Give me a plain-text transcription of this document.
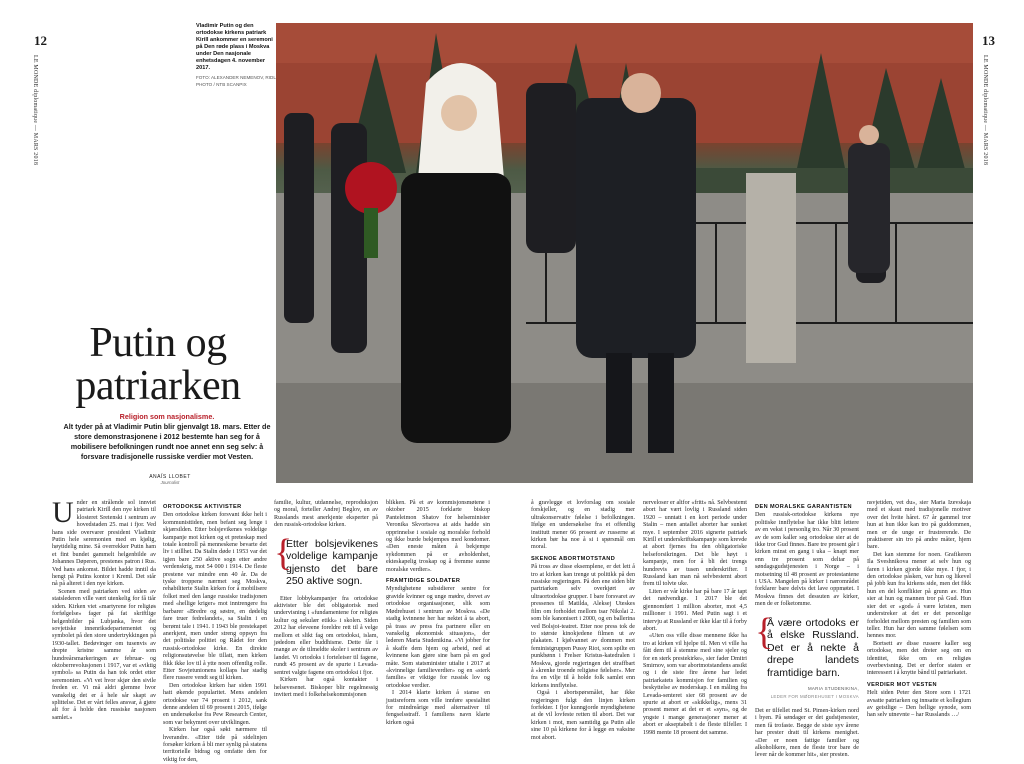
12	13
LE MONDE diplomatique — MARS 2018	LE MONDE diplomatique — MARS 2018
Vladimir Putin og den ortodokse kirkens patriark Kirill ankommer en seremoni på Den røde plass i Moskva under Den nasjonale enhetsdagen 4. november 2017.
FOTO: ALEXANDER NEMENOV, RIDL PHOTO / NTB SCANPIX
Putin og
patriarken
Religion som nasjonalisme.
Alt tyder på at Vladimir Putin blir gjenvalgt 18. mars. Etter de store demonstrasjonene i 2012 bestemte han seg for å mobilisere befolkningen rundt noe annet enn seg selv: å forsvare tradisjonelle russiske verdier mot Vesten.
ANAÏS LLOBET
Journalist

Under en strålende sol innviet patriark Kirill den nye kirken til klosteret Sretenski i sentrum av hovedstaden 25. mai i fjor. Ved hans side overvarer president Vladimir Putin hele seremonien med en kjølig, høytidelig mine. Så overrekker Putin ham et fint bundet gammelt helgenbilde av Johannes Døperen, prestenes patron i Rus. Ved hans ankomst. Bildet hadde inntil da hengt på Putins kontor i Kreml. Det står nå på alteret i den nye kirken.

Scenen med patriarken ved siden av statslederen ville vært utenkelig for få tiår siden. Kirken viet «martyrene for religiøs forfølgelse» fager på fat skriftlige helgenbilder på Lubjanka, hvor det sovjetiske innenriksdepartementet og symbolet på den store undertrykkingen på 1930-tallet. Bedøvinger om tusenvis av drepte kristne samme år som hundreårsmarkeringen av februar- og oktoberrevolusjonen i 1917, var et «viktig symbol» sa Putin da han tok ordet etter seremonien. «Vi vet hvor skjør den sivile freden er. Vi må aldri glemme hvor vanskelig det er å hele sår skapt av splittelse. Det er vårt felles ansvar, å gjøre alt for å holde den russiske nasjonen samlet.»

ORTODOKSE AKTIVISTER

Den ortodokse kirken forsvant ikke helt i kommunisttiden, men befant seg lenge i skjærsilden. Etter bolsjevikenes voldelige kampanje mot kirken og et preteskap med totale kontroll på menneskene bevarte det liv i stillhet. Da Stalin døde i 1953 var det igjen bare 250 aktive sogn etter andre verdenskrig, mot 54 000 i 1914. De fleste prestene var mindre enn 40 år. Da de tyske troppene nærmet seg Moskva, rehabiliterte Stalin kirken for å mobilisere folket med den lange russiske tradisjonen med «hellige kriger» mot inntrengere fra barbarer «Bredre og søstre, en dødelig fare truer fedrelandet», sa Stalin i en berømt tale i 1941. I 1943 ble prestekapet anerkjent, men under streng oppsyn fra det politiske politiet og Rådet for den russisk-ortodokse kirke. En direkte religionsutøvelse ble tillatt, men kirken fikk ikke lov til å ytte noen offentlig rolle. Etter Sovjetunionens kollaps har stadig flere russere vendt seg til kirken.

Den ortodokse kirken har siden 1991 hatt økende popularitet. Mens andelen ortodokse var 74 prosent i 2012, sank denne andelen til 69 prosent i 2015, ifølge en undersøkelse fra Pew Research Center, som var bekymret over utviklingen.

Kirken har også søkt nærmere til hverandre. «Etter tide på sidelinjen forsøker kirken å bli mer synlig på statens territorielle bidrag og omfatte den for viktig for den,

familie, kultur, utdannelse, reproduksjon og moral, forteller Andrej Beglov, en av Russlands mest anerkjente eksperter på den russisk-ortodokse kirken.

{
Etter bolsjevikenes voldelige kampanje gjensto det bare 250 aktive sogn.

Etter lobbykampanjer fra ortodokse aktivister ble det obligatorisk med undervisning i «fundamentene for religiøs kultur og sekulær etikk» i skolen. Siden 2012 har eleveene foreldre rett til å velge mellom et slikt fag om ortodoksi, islam, jødedom eller buddhisme. Dette får i mange av de tilmeldte skoler i sentrum av landet. Vi ortodoks i forteleiser til fagene, rundt 45 prosent av de spurte i Levada-sentret valgte fagene om ortodoksi i fjor.

Kirken har også kontakter i helsevesenet. Biskoper blir regelmessig invitert med i folkehelsekommisjonen

blikken. På et av kommisjonsmøtene i oktober 2015 forklarte biskop Panteleimon Shatov for helseminister Veronika Skvortsova at aids hadde sin opprinnelse i sosiale og moralske forhold og ikke burde bekjempes med kondomer. «Den eneste måten å bekjempe sykdommen på er avholdenhet, ekteskapelig troskap og å fremme sunne moralske verdier».

FRAMTIDIGE SOLDATER

Myndighetene subsidierer sentre for gravide kvinner og unge mødre, drevet av ortodokse organisasjoner, slik som Mødrehuset i sentrum av Moskva. «De stadig kvinnene her har nektet å ta abort, på trass av press fra partnere eller en vanskelig økonomisk situasjon», der lederen Maria Studenikina. «Vi jobber for å skaffe dem hjem og arbeid, ned at kvinnene kan gjøre sine barn på en god måte. Som statsminister uttalte i 2017 at «kvinnelige familieverdier» og en «sterk familie» er viktige for russisk lov og ortodokse verdier.

I 2014 klarte kirken å stanse en justisreform som ville innføre spesialitet for mindreårige med alternativer til fengselsstraff. I familiens navn klarte kirken også

å gravlegge et lovforslag om sosiale forskjeller, og en stadig mer ultrakonservativ følelse i befolkningen. Ifølge en undersøkelse fra et offentlig institutt mener 66 prosent av russerne at kirken bør ha noe å si i spørsmål om moral.

SKENOE ABORTMOTSTAND

På tross av disse eksemplene, er det lett å tro at kirken kan trenge ut politikk på den russiske regjeringen. På den ene siden blir partriarken selv overkjørt av ultraortodokse grupper. I bare forsvaret av pressenes til Matilda, Aleksej Uteskes film om forholdet mellom tsar Nikolai 2. som ble kanonisert i 2000, og en ballerina ved Bolsjoi-teatret. Etter noe press tok de to største kinokjedene filmen ut av plakaten. I kjølvannet av dommen mot feministgruppen Pussy Riot, som spilte en punkbønn i Frelser Kristus-katedralen i Moskva, gjorde regjeringen det straffbart å «krenke troende religiøse følelser». Mer fra en vilje til å holde folk samlet enn kirkens innflytelse.

Også i abortspørsmålet, har ikke regjeringen fulgt den linjen kirken forfekter. I fjor kunngjorde myndighetene at de vil lovfeste retten til abort. Det var kirken i mot, men samtidig ga Putin alle sine 10 på kirkene for å legge en vaksine mot abort.

nerveloser er altfor «fritt» nå. Selvbestemt abort har vært lovlig i Russland siden 1920 – unntatt i en kort periode under Stalin – men antallet aborter har sunket mye. I september 2016 signerte patriark Kirill et underskriftskampanje som krevde at abort fjernes fra den obligatoriske helseforsikringen. Det ble høyt i kampanje, men for å bli det trengs hundrevis av tusen underskrifter. I Russland kan man nå selvbestemt abort frem til tolvte uke.

Liten er vår kirke har på bare 17 år tapt det nødvendige. I 2017 ble det gjennomført 1 million aborter, mot 4,5 millioner i 1991. Med Putin sagt i et intervju at Russland er ikke klar til å forby abort.

«Uten oss ville disse mennene ikke ha tro at kirken vil hjelpe til. Men vi ville ha fått dem til å stemme med sine sjeler og for en sterk prestekirke», sier fader Dmitri Smirnov, som var abortmotstandens ansikt og i de siste fire årene har ledet patriarkatets kommisjon for familien og beskyttelse av moderskap. I en måling fra Levada-senteret sier 68 prosent av de spurte at abort er «skikkelig», mens 31 prosent mener at det er et «syn», og de yngste i mange generasjoner mener at abort er akseptabelt i de fleste tilfeller. I 1998 mente 18 prosent det samme.

DEN MORALSKE GARANTISTEN

Den russisk-ortodokse kirkens nye politiske innflytelse har ikke blitt lettere av en vekst i personlig tro. Når 30 prosent av de som kaller seg ortodokse sier at de ikke tror Gud finnes. Bare tre prosent går i kirken minst en gang i uka – knapt mer enn tre prosent som deltar på søndagsgudstjenesten i Norge – i motsetning til 48 prosent av protestantene i USA. Mangelen på kirker i nærområdet forklarer bare delvis det lave oppmøtet. I Moskva finnes det dessuten av kirker, men de er folketomme.

{
Å være ortodoks er å elske Russland. Det er å nekte å drepe landets framtidige barn.
MARIA STUDENIKINA,
LEDER FOR MØDREHUSET I MOSKVA

Det er tilfellet med St. Pimen-kirken nord i byen. På søndager er det gudstjenester, men få trofaste. Begge de siste syv årene har prester dratt til kirkens menighet. «Der er noen fattige familier og alkoholikere, men de fleste tror bare de lever når de kommer hit», sier presten.

nsvjetiden, vet du», sier Maria Izevskaja med et skaut med tradisjonelle motiver over det hvite håret. 67 år gammel tror hun at hun ikke kan tro på guddommen, men er de unge er frustrerende. De praktiserer sin tro på andre måter, hjem bare.

Det kan stemme for noen. Grafikeren Ila Sveshnikova mener at selv hun og faren i kirken gjorde ikke mye. I fjor, i den ortodokse påsken, var hun og likevel på jobb kun fra kirkens side, men det fikk hun en del konflikter på grunn av. Hun sier at hun og mannen tror på Gud. Hun sier det er «god» å være kristen, men understreker at det er det personlige forholdet mellom presten og familien som teller. Hun har den samme følelsen som hennes mor.

Bortsett av disse russere kaller seg ortodokse, men det dreier seg om en identitet, ikke om en religiøs overbevisning. Det er derfor staten er interessert i å knytte bånd til patriarkatet.

VERDIER MOT VESTEN

Helt siden Peter den Store som i 1721 avsatte patriarken og innsatte et kollegium av geistlige – Den hellige synode, som han selv utnevnte – har Russlands …/
